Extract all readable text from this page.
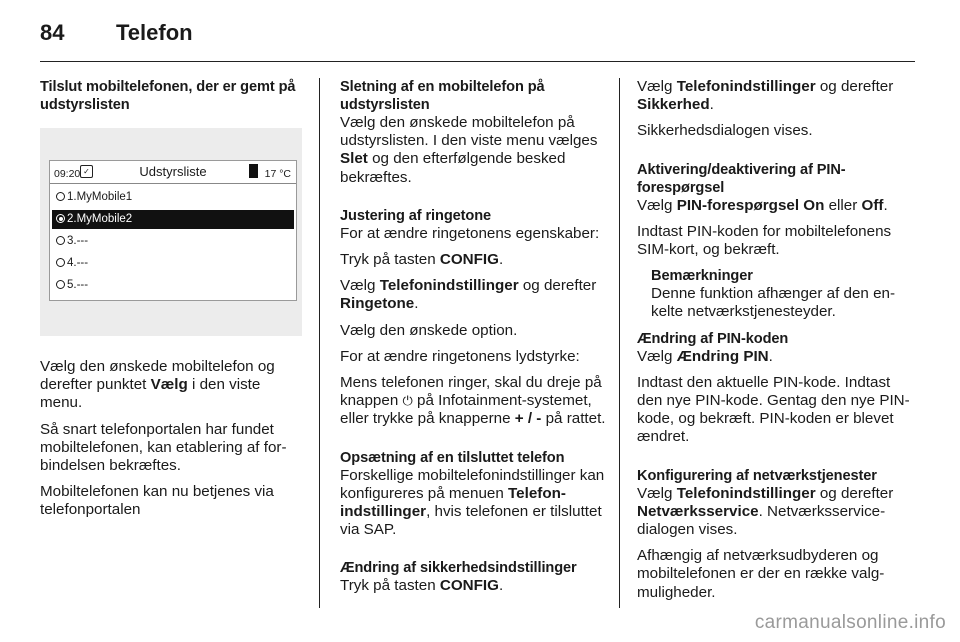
84 Telefon
Tilslut mobiltelefonen, der er gemt på udstyrslisten
09:20 ✓	Udstyrsliste	17 °C
1.MyMobile1
2.MyMobile2
3.---
4.---
5.---

Vælg den ønskede mobiltelefon og derefter punktet Vælg i den viste menu.

Så snart telefonportalen har fundet mobiltelefonen, kan etablering af forbindelsen bekræftes.

Mobiltelefonen kan nu betjenes via telefonportalen

Sletning af en mobiltelefon på udstyrslisten

Vælg den ønskede mobiltelefon på udstyrslisten. I den viste menu vælges Slet og den efterfølgende besked bekræftes.

Justering af ringetone

For at ændre ringetonens egenskaber:

Tryk på tasten CONFIG.

Vælg Telefonindstillinger og derefter Ringetone.

Vælg den ønskede option.

For at ændre ringetonens lydstyrke:

Mens telefonen ringer, skal du dreje på knappen ⏻ på Infotainment-systemet, eller trykke på knapperne + / - på rattet.

Opsætning af en tilsluttet telefon

Forskellige mobiltelefonindstillinger kan konfigureres på menuen Telefonindstillinger, hvis telefonen er tilsluttet via SAP.

Ændring af sikkerhedsindstillinger

Tryk på tasten CONFIG.

Vælg Telefonindstillinger og derefter Sikkerhed.

Sikkerhedsdialogen vises.

Aktivering/deaktivering af PIN-forespørgsel

Vælg PIN-forespørgsel On eller Off.

Indtast PIN-koden for mobiltelefonens SIM-kort, og bekræft.

Bemærkninger

Denne funktion afhænger af den enkelte netværkstjenesteyder.

Ændring af PIN-koden

Vælg Ændring PIN.

Indtast den aktuelle PIN-kode. Indtast den nye PIN-kode. Gentag den nye PIN-kode, og bekræft. PIN-koden er blevet ændret.

Konfigurering af netværkstjenester

Vælg Telefonindstillinger og derefter Netværksservice. Netværksservice-dialogen vises.

Afhængig af netværksudbyderen og mobiltelefonen er der en række valgmuligheder.

carmanualsonline.info
